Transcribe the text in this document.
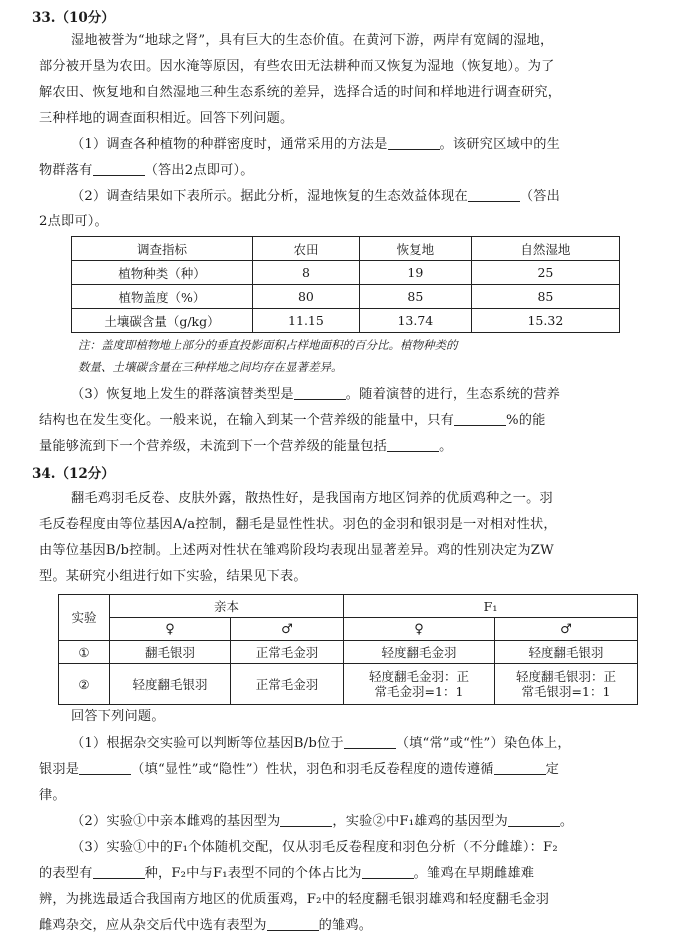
33.（10分）
湿地被誉为“地球之肾”，具有巨大的生态价值。在黄河下游，两岸有宽阔的湿地，
部分被开垦为农田。因水淹等原因，有些农田无法耕种而又恢复为湿地（恢复地）。为了
解农田、恢复地和自然湿地三种生态系统的差异，选择合适的时间和样地进行调查研究，
三种样地的调查面积相近。回答下列问题。
（1）调查各种植物的种群密度时，通常采用的方法是	。该研究区域中的生
物群落有	（答出2点即可）。
（2）调查结果如下表所示。据此分析，湿地恢复的生态效益体现在	（答出
2点即可）。
调查指标	农田	恢复地	自然湿地
植物种类（种）	8	19	25
植物盖度（%）	80	85	85
土壤碳含量（g/kg）	11.15	13.74	15.32
注：盖度即植物地上部分的垂直投影面积占样地面积的百分比。植物种类的
数量、土壤碳含量在三种样地之间均存在显著差异。
（3）恢复地上发生的群落演替类型是	。随着演替的进行，生态系统的营养
结构也在发生变化。一般来说，在输入到某一个营养级的能量中，只有	%的能
量能够流到下一个营养级，未流到下一个营养级的能量包括	。
34.（12分）
翻毛鸡羽毛反卷、皮肤外露，散热性好，是我国南方地区饲养的优质鸡种之一。羽
毛反卷程度由等位基因A/a控制，翻毛是显性性状。羽色的金羽和银羽是一对相对性状，
由等位基因B/b控制。上述两对性状在雏鸡阶段均表现出显著差异。鸡的性别决定为ZW
型。某研究小组进行如下实验，结果见下表。
实验	亲本		F₁	
	♀	♂	♀	♂
①	翻毛银羽	正常毛金羽	轻度翻毛金羽	轻度翻毛银羽
②	轻度翻毛银羽	正常毛金羽	轻度翻毛金羽：正
常毛金羽=1：1	轻度翻毛银羽：正
常毛银羽=1：1
回答下列问题。
（1）根据杂交实验可以判断等位基因B/b位于	（填“常”或“性”）染色体上，
银羽是	（填“显性”或“隐性”）性状，羽色和羽毛反卷程度的遗传遵循	定
律。
（2）实验①中亲本雌鸡的基因型为	，实验②中F₁雄鸡的基因型为	。
（3）实验①中的F₁个体随机交配，仅从羽毛反卷程度和羽色分析（不分雌雄）：F₂
的表型有	种，F₂中与F₁表型不同的个体占比为	。雏鸡在早期雌雄难
辨，为挑选最适合我国南方地区的优质蛋鸡，F₂中的轻度翻毛银羽雄鸡和轻度翻毛金羽
雌鸡杂交，应从杂交后代中选有表型为	的雏鸡。
